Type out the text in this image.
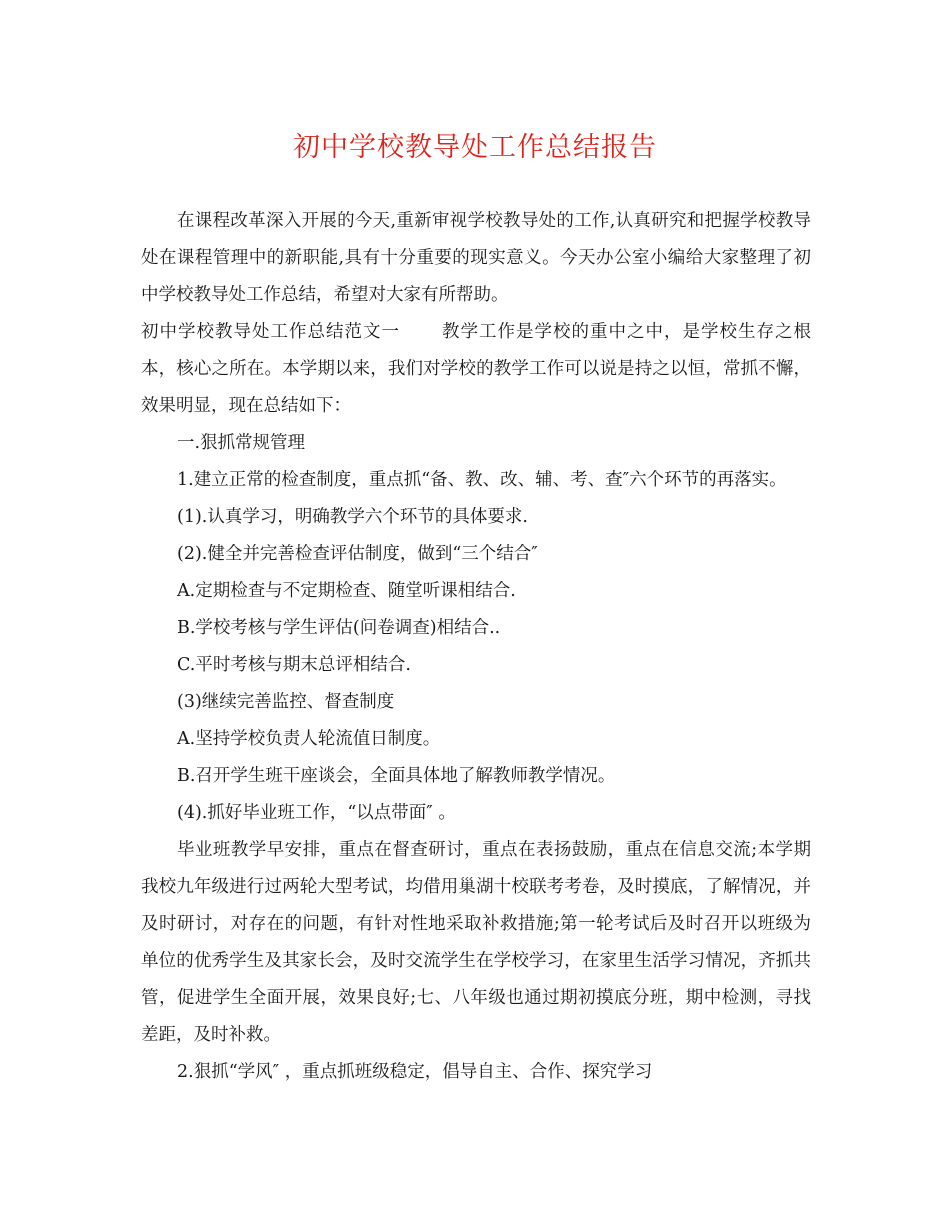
初中学校教导处工作总结报告

在课程改革深入开展的今天,重新审视学校教导处的工作,认真研究和把握学校教导处在课程管理中的新职能,具有十分重要的现实意义。今天办公室小编给大家整理了初中学校教导处工作总结，希望对大家有所帮助。

初中学校教导处工作总结范文一 教学工作是学校的重中之中，是学校生存之根本，核心之所在。本学期以来，我们对学校的教学工作可以说是持之以恒，常抓不懈，效果明显，现在总结如下：

一.狠抓常规管理

1.建立正常的检查制度，重点抓“备、教、改、辅、考、查″六个环节的再落实。

(1).认真学习，明确教学六个环节的具体要求.

(2).健全并完善检查评估制度，做到“三个结合″

A.定期检查与不定期检查、随堂听课相结合.

B.学校考核与学生评估(问卷调查)相结合..

C.平时考核与期末总评相结合.

(3)继续完善监控、督查制度

A.坚持学校负责人轮流值日制度。

B.召开学生班干座谈会，全面具体地了解教师教学情况。

(4).抓好毕业班工作，“以点带面″ 。

毕业班教学早安排，重点在督查研讨，重点在表扬鼓励，重点在信息交流;本学期我校九年级进行过两轮大型考试，均借用巢湖十校联考考卷，及时摸底，了解情况，并及时研讨，对存在的问题，有针对性地采取补救措施;第一轮考试后及时召开以班级为单位的优秀学生及其家长会，及时交流学生在学校学习，在家里生活学习情况，齐抓共管，促进学生全面开展，效果良好;七、八年级也通过期初摸底分班，期中检测，寻找差距，及时补救。

2.狠抓“学风″ ，重点抓班级稳定，倡导自主、合作、探究学习
